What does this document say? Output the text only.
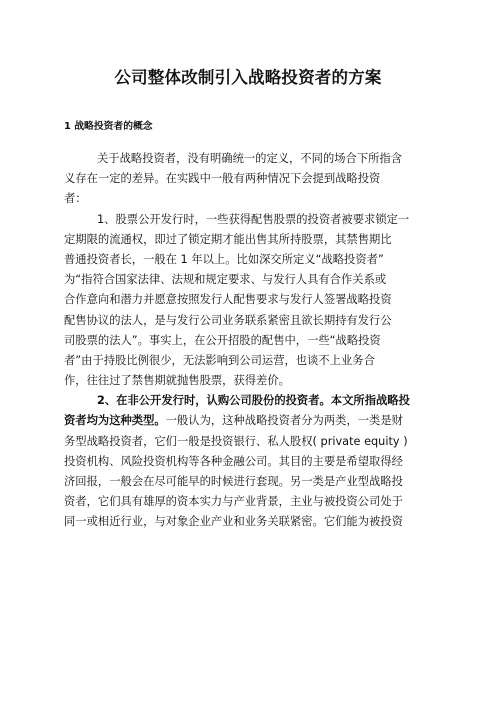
公司整体改制引入战略投资者的方案
1 战略投资者的概念
关于战略投资者，没有明确统一的定义，不同的场合下所指含
义存在一定的差异。在实践中一般有两种情况下会提到战略投资
者：
1、股票公开发行时，一些获得配售股票的投资者被要求锁定一
定期限的流通权，即过了锁定期才能出售其所持股票，其禁售期比
普通投资者长，一般在 1 年以上。比如深交所定义“战略投资者”
为“指符合国家法律、法规和规定要求、与发行人具有合作关系或
合作意向和潜力并愿意按照发行人配售要求与发行人签署战略投资
配售协议的法人，是与发行公司业务联系紧密且欲长期持有发行公
司股票的法人”。事实上，在公开招股的配售中，一些“战略投资
者”由于持股比例很少，无法影响到公司运营，也谈不上业务合
作，往往过了禁售期就抛售股票，获得差价。
2、在非公开发行时，认购公司股份的投资者。本文所指战略投
资者均为这种类型。一般认为，这种战略投资者分为两类，一类是财
务型战略投资者，它们一般是投资银行、私人股权( private equity )
投资机构、风险投资机构等各种金融公司。其目的主要是希望取得经
济回报，一般会在尽可能早的时候进行套现。另一类是产业型战略投
资者，它们具有雄厚的资本实力与产业背景，主业与被投资公司处于
同一或相近行业，与对象企业产业和业务关联紧密。它们能为被投资
